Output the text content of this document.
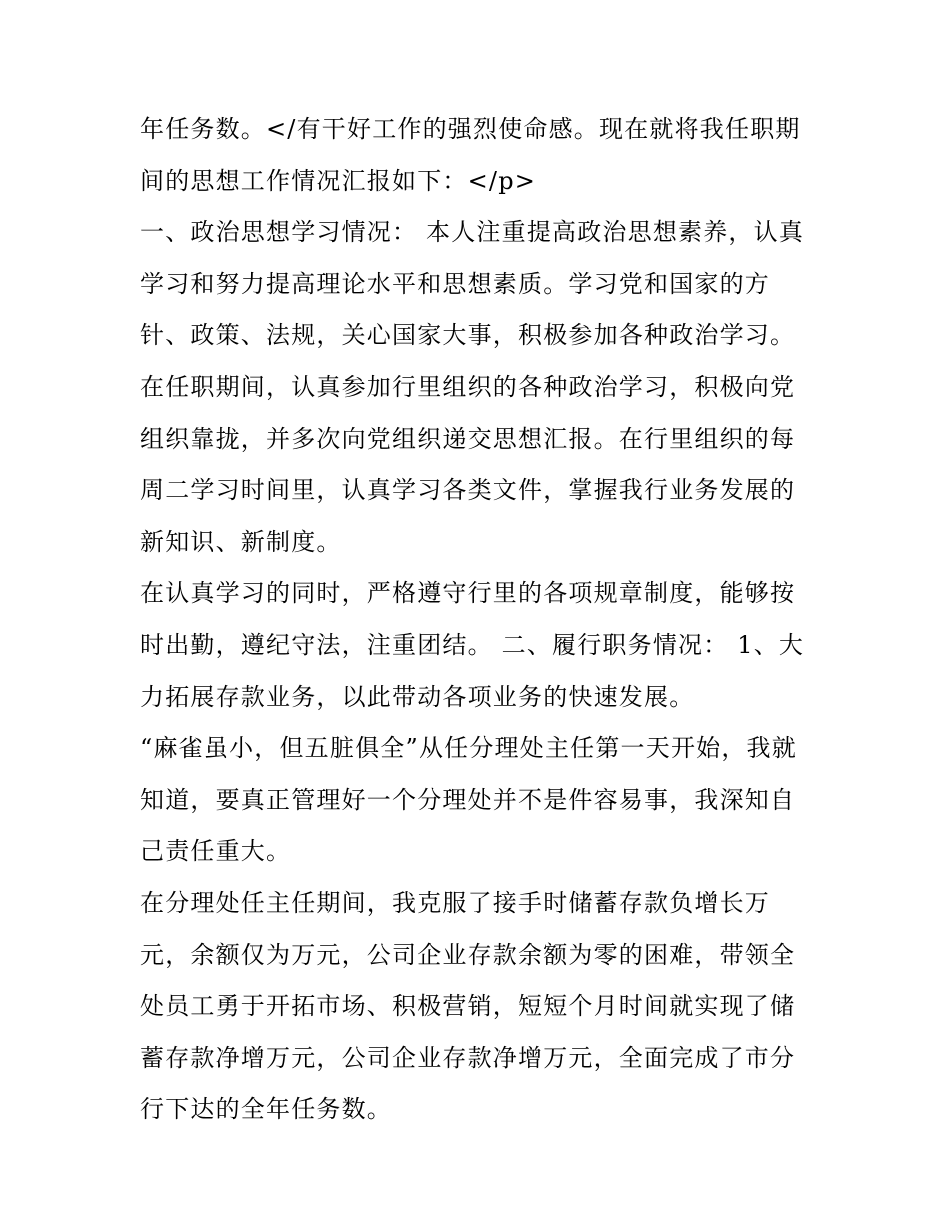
年任务数。</有干好工作的强烈使命感。现在就将我任职期间的思想工作情况汇报如下：</p>

一、政治思想学习情况： 本人注重提高政治思想素养，认真学习和努力提高理论水平和思想素质。学习党和国家的方针、政策、法规，关心国家大事，积极参加各种政治学习。

在任职期间，认真参加行里组织的各种政治学习，积极向党组织靠拢，并多次向党组织递交思想汇报。在行里组织的每周二学习时间里，认真学习各类文件，掌握我行业务发展的新知识、新制度。

在认真学习的同时，严格遵守行里的各项规章制度，能够按时出勤，遵纪守法，注重团结。 二、履行职务情况： 1、大力拓展存款业务，以此带动各项业务的快速发展。

“麻雀虽小，但五脏俱全”从任分理处主任第一天开始，我就知道，要真正管理好一个分理处并不是件容易事，我深知自己责任重大。

在分理处任主任期间，我克服了接手时储蓄存款负增长万元，余额仅为万元，公司企业存款余额为零的困难，带领全处员工勇于开拓市场、积极营销，短短个月时间就实现了储蓄存款净增万元，公司企业存款净增万元，全面完成了市分行下达的全年任务数。
